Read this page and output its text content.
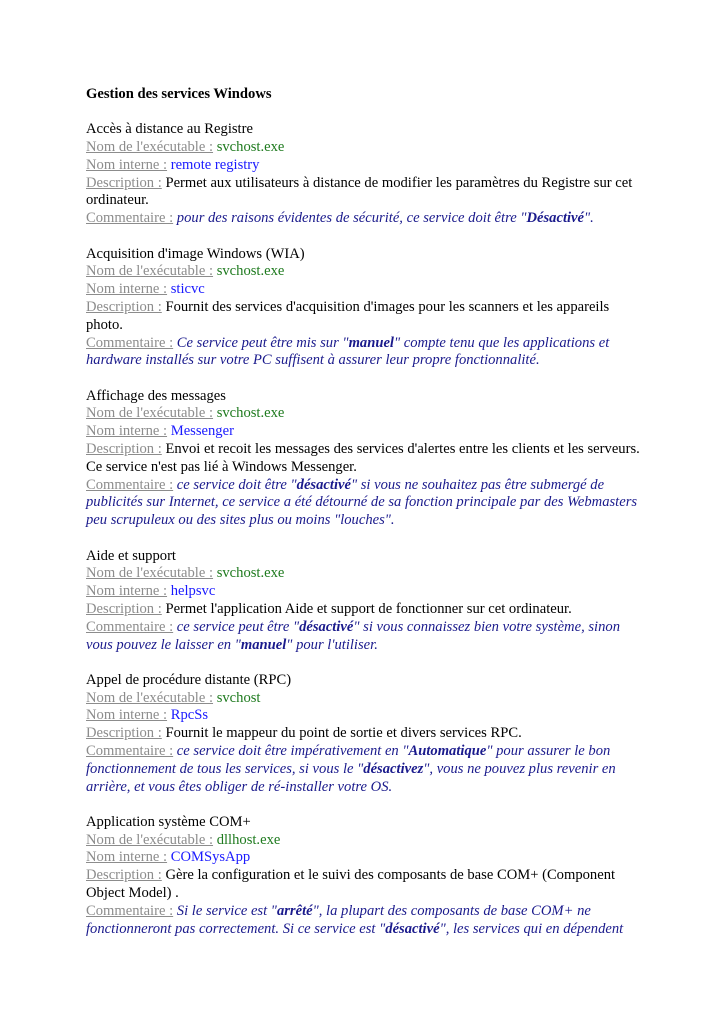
Gestion des services Windows
Accès à distance au Registre
Nom de l'exécutable : svchost.exe
Nom interne : remote registry
Description : Permet aux utilisateurs à distance de modifier les paramètres du Registre sur cet ordinateur.
Commentaire : pour des raisons évidentes de sécurité, ce service doit être "Désactivé".
Acquisition d'image Windows (WIA)
Nom de l'exécutable : svchost.exe
Nom interne : sticvc
Description : Fournit des services d'acquisition d'images pour les scanners et les appareils photo.
Commentaire : Ce service peut être mis sur "manuel" compte tenu que les applications et hardware installés sur votre PC suffisent à assurer leur propre fonctionnalité.
Affichage des messages
Nom de l'exécutable : svchost.exe
Nom interne : Messenger
Description : Envoi et recoit les messages des services d'alertes entre les clients et les serveurs. Ce service n'est pas lié à Windows Messenger.
Commentaire : ce service doit être "désactivé" si vous ne souhaitez pas être submergé de publicités sur Internet, ce service a été détourné de sa fonction principale par des Webmasters peu scrupuleux ou des sites plus ou moins "louches".
Aide et support
Nom de l'exécutable : svchost.exe
Nom interne : helpsvc
Description : Permet l'application Aide et support de fonctionner sur cet ordinateur.
Commentaire : ce service peut être "désactivé" si vous connaissez bien votre système, sinon vous pouvez le laisser en "manuel" pour l'utiliser.
Appel de procédure distante (RPC)
Nom de l'exécutable : svchost
Nom interne : RpcSs
Description : Fournit le mappeur du point de sortie et divers services RPC.
Commentaire : ce service doit être impérativement en "Automatique" pour assurer le bon fonctionnement de tous les services, si vous le "désactivez", vous ne pouvez plus revenir en arrière, et vous êtes obliger de ré-installer votre OS.
Application système COM+
Nom de l'exécutable : dllhost.exe
Nom interne : COMSysApp
Description : Gère la configuration et le suivi des composants de base COM+ (Component Object Model) .
Commentaire : Si le service est "arrêté", la plupart des composants de base COM+ ne fonctionneront pas correctement. Si ce service est "désactivé", les services qui en dépendent
